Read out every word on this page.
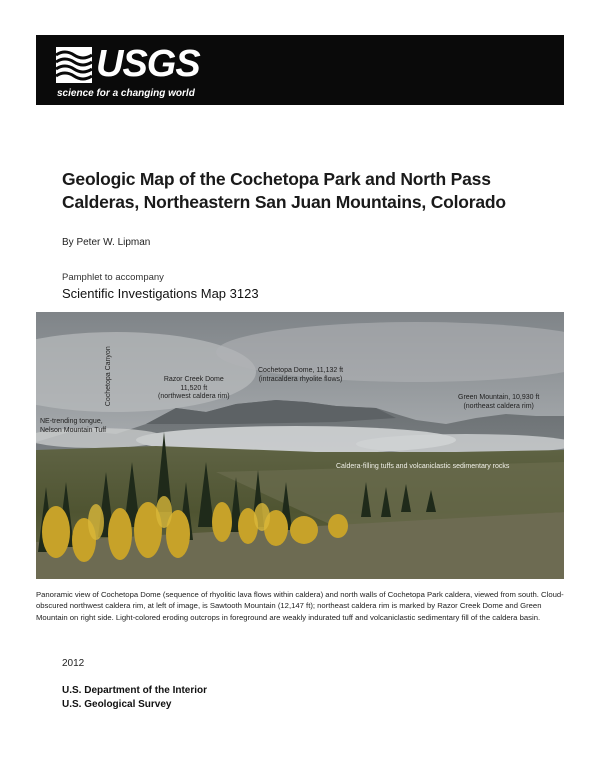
USGS
science for a changing world
Geologic Map of the Cochetopa Park and North Pass
Calderas, Northeastern San Juan Mountains, Colorado
By Peter W. Lipman
Pamphlet to accompany
Scientific Investigations Map 3123
Cochetopa Canyon	Razor Creek Dome
11,520 ft
(northwest caldera rim)
Cochetopa Dome, 11,132 ft
(intracaldera rhyolite flows)
Green Mountain, 10,930 ft
(northeast caldera rim)
NE-trending tongue,
Nelson Mountain Tuff
Caldera-filling tuffs and volcaniclastic sedimentary rocks

Panoramic view of Cochetopa Dome (sequence of rhyolitic lava flows within caldera) and north walls of Cochetopa Park caldera, viewed from south. Cloud-obscured northwest caldera rim, at left of image, is Sawtooth Mountain (12,147 ft); northeast caldera rim is marked by Razor Creek Dome and Green Mountain on right side. Light-colored eroding outcrops in foreground are weakly indurated tuff and volcaniclastic sedimentary fill of the caldera basin.

2012
U.S. Department of the Interior
U.S. Geological Survey
